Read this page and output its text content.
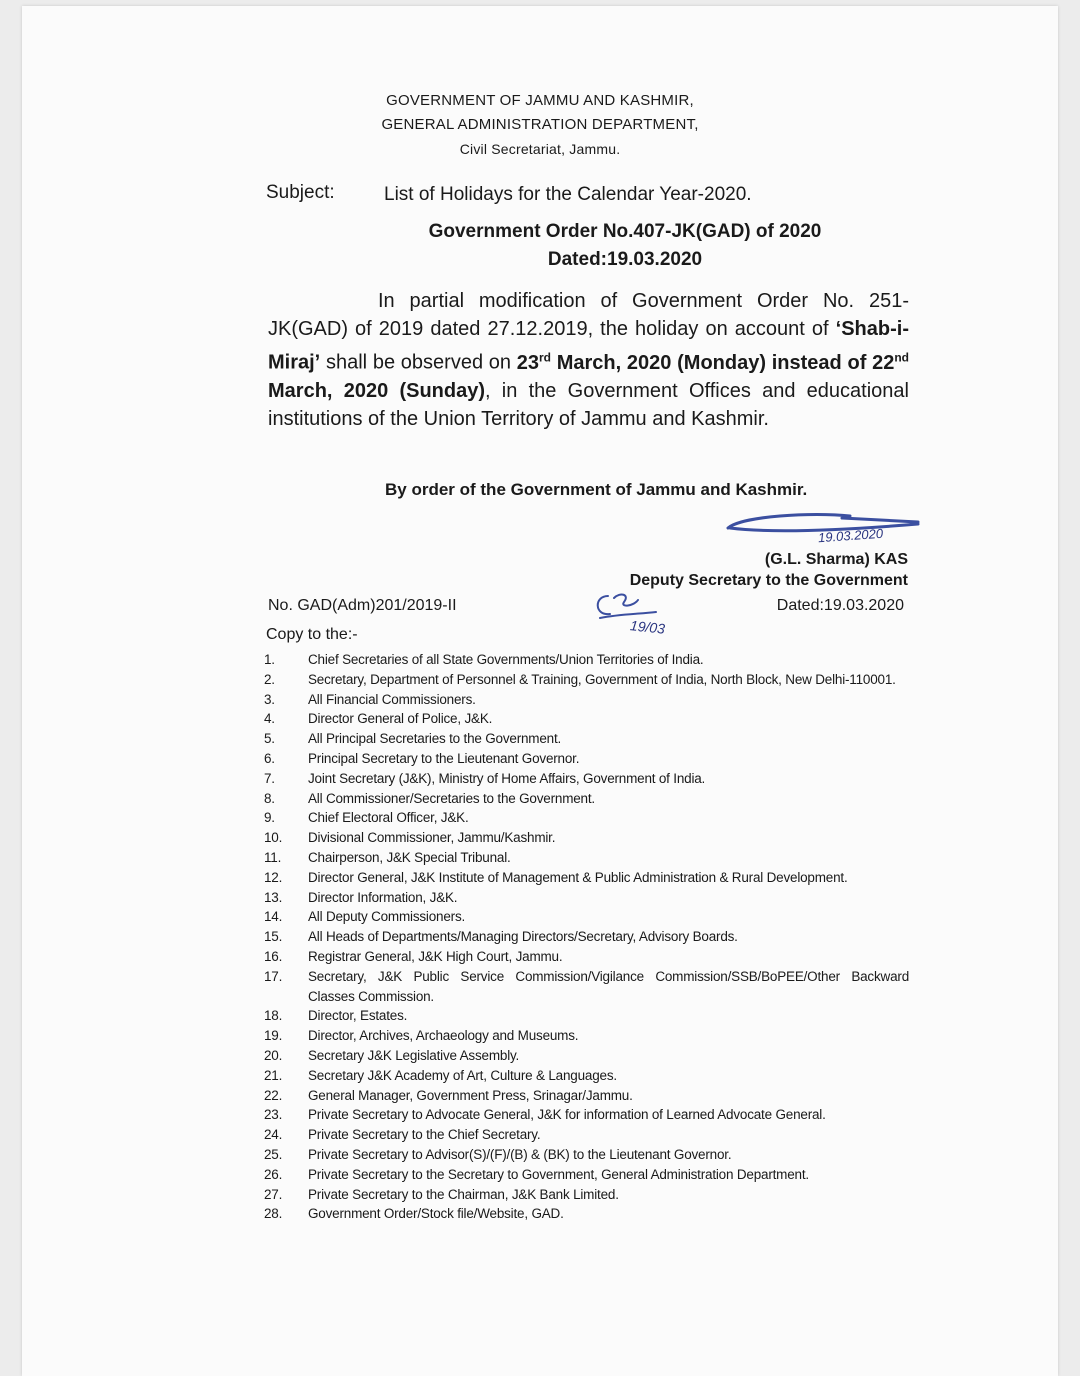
GOVERNMENT OF JAMMU AND KASHMIR,
GENERAL ADMINISTRATION DEPARTMENT,
Civil Secretariat, Jammu.
Subject:	List of Holidays for the Calendar Year-2020.
Government Order No.407-JK(GAD) of 2020
Dated:19.03.2020
In partial modification of Government Order No. 251-JK(GAD) of 2019 dated 27.12.2019, the holiday on account of ‘Shab-i-Miraj’ shall be observed on 23rd March, 2020 (Monday) instead of 22nd March, 2020 (Sunday), in the Government Offices and educational institutions of the Union Territory of Jammu and Kashmir.
By order of the Government of Jammu and Kashmir.
19.03.2020
(G.L. Sharma) KAS
Deputy Secretary to the Government
No. GAD(Adm)201/2019-II	Dated:19.03.2020
19/03
Copy to the:-
1. Chief Secretaries of all State Governments/Union Territories of India.
2. Secretary, Department of Personnel & Training, Government of India, North Block, New Delhi-110001.
3. All Financial Commissioners.
4. Director General of Police, J&K.
5. All Principal Secretaries to the Government.
6. Principal Secretary to the Lieutenant Governor.
7. Joint Secretary (J&K), Ministry of Home Affairs, Government of India.
8. All Commissioner/Secretaries to the Government.
9. Chief Electoral Officer, J&K.
10. Divisional Commissioner, Jammu/Kashmir.
11. Chairperson, J&K Special Tribunal.
12. Director General, J&K Institute of Management & Public Administration & Rural Development.
13. Director Information, J&K.
14. All Deputy Commissioners.
15. All Heads of Departments/Managing Directors/Secretary, Advisory Boards.
16. Registrar General, J&K High Court, Jammu.
17. Secretary, J&K Public Service Commission/Vigilance Commission/SSB/BoPEE/Other Backward Classes Commission.
18. Director, Estates.
19. Director, Archives, Archaeology and Museums.
20. Secretary J&K Legislative Assembly.
21. Secretary J&K Academy of Art, Culture & Languages.
22. General Manager, Government Press, Srinagar/Jammu.
23. Private Secretary to Advocate General, J&K for information of Learned Advocate General.
24. Private Secretary to the Chief Secretary.
25. Private Secretary to Advisor(S)/(F)/(B) & (BK) to the Lieutenant Governor.
26. Private Secretary to the Secretary to Government, General Administration Department.
27. Private Secretary to the Chairman, J&K Bank Limited.
28. Government Order/Stock file/Website, GAD.
